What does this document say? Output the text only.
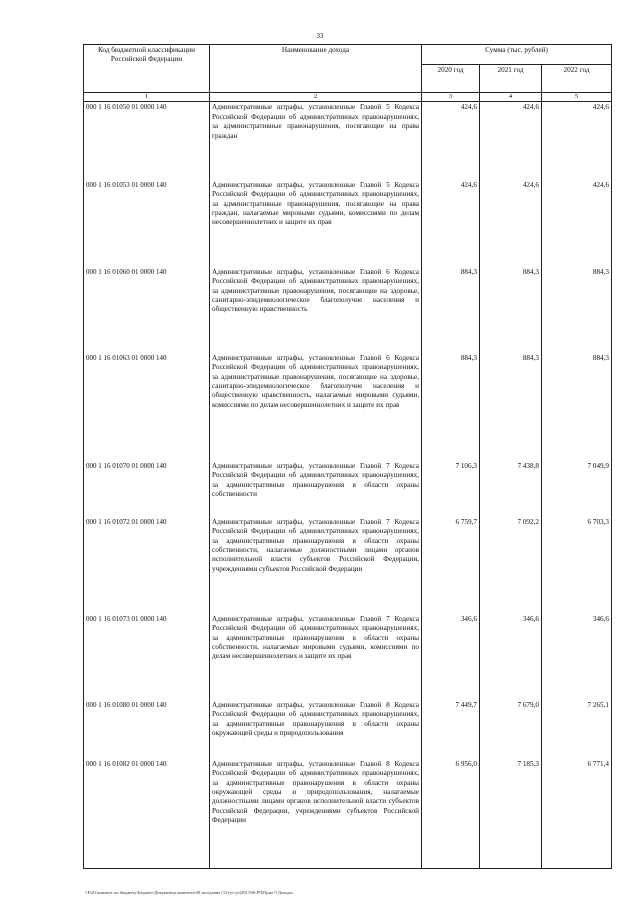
33
Код бюджетной классификации Российской Федерации	Наименование дохода	Сумма (тыс. рублей)		
		2020 год	2021 год	2022 год
1	2	3	4	5
000 1 16 01050 01 0000 140	Административные штрафы, установленные Главой 5 Кодекса Российской Федерации об административных правонарушениях, за административные правонарушения, посягающие на права граждан	424,6	424,6	424,6
000 1 16 01053 01 0000 140	Административные штрафы, установленные Главой 5 Кодекса Российской Федерации об административных правонарушениях, за административные правонарушения, посягающие на права граждан, налагаемые мировыми судьями, комиссиями по делам несовершеннолетних и защите их прав	424,6	424,6	424,6
000 1 16 01060 01 0000 140	Административные штрафы, установленные Главой 6 Кодекса Российской Федерации об административных правонарушениях, за административные правонарушения, посягающие на здоровье, санитарно-эпидемиологическое благополучие населения и общественную нравственность	884,3	884,3	884,3
000 1 16 01063 01 0000 140	Административные штрафы, установленные Главой 6 Кодекса Российской Федерации об административных правонарушениях, за административные правонарушения, посягающие на здоровье, санитарно-эпидемиологическое благополучие населения и общественную нравственность, налагаемые мировыми судьями, комиссиями по делам несовершеннолетних и защите их прав	884,3	884,3	884,3
000 1 16 01070 01 0000 140	Административные штрафы, установленные Главой 7 Кодекса Российской Федерации об административных правонарушениях, за административные правонарушения в области охраны собственности	7 106,3	7 438,8	7 049,9
000 1 16 01072 01 0000 140	Административные штрафы, установленные Главой 7 Кодекса Российской Федерации об административных правонарушениях, за административные правонарушения в области охраны собственности, налагаемые должностными лицами органов исполнительной власти субъектов Российской Федерации, учреждениями субъектов Российской Федерации	6 759,7	7 092,2	6 703,3
000 1 16 01073 01 0000 140	Административные штрафы, установленные Главой 7 Кодекса Российской Федерации об административных правонарушениях, за административные правонарушения в области охраны собственности, налагаемые мировыми судьями, комиссиями по делам несовершеннолетних и защите их прав	346,6	346,6	346,6
000 1 16 01080 01 0000 140	Административные штрафы, установленные Главой 8 Кодекса Российской Федерации об административных правонарушениях, за административные правонарушения в области охраны окружающей среды и природопользования	7 449,7	7 679,0	7 265,1
000 1 16 01082 01 0000 140	Административные штрафы, установленные Главой 8 Кодекса Российской Федерации об административных правонарушениях, за административные правонарушения в области охраны окружающей среды и природопользования, налагаемые должностными лицами органов исполнительной власти субъектов Российской Федерации, учреждениями субъектов Российской Федерации	6 956,0	7 185,3	6 771,4
\\Fs01\комитет по бюджету\Бюджет\Документы комитета\49 заседание (12)\уг\уг(49) 596-РЧ\Прил 9 Доходы
